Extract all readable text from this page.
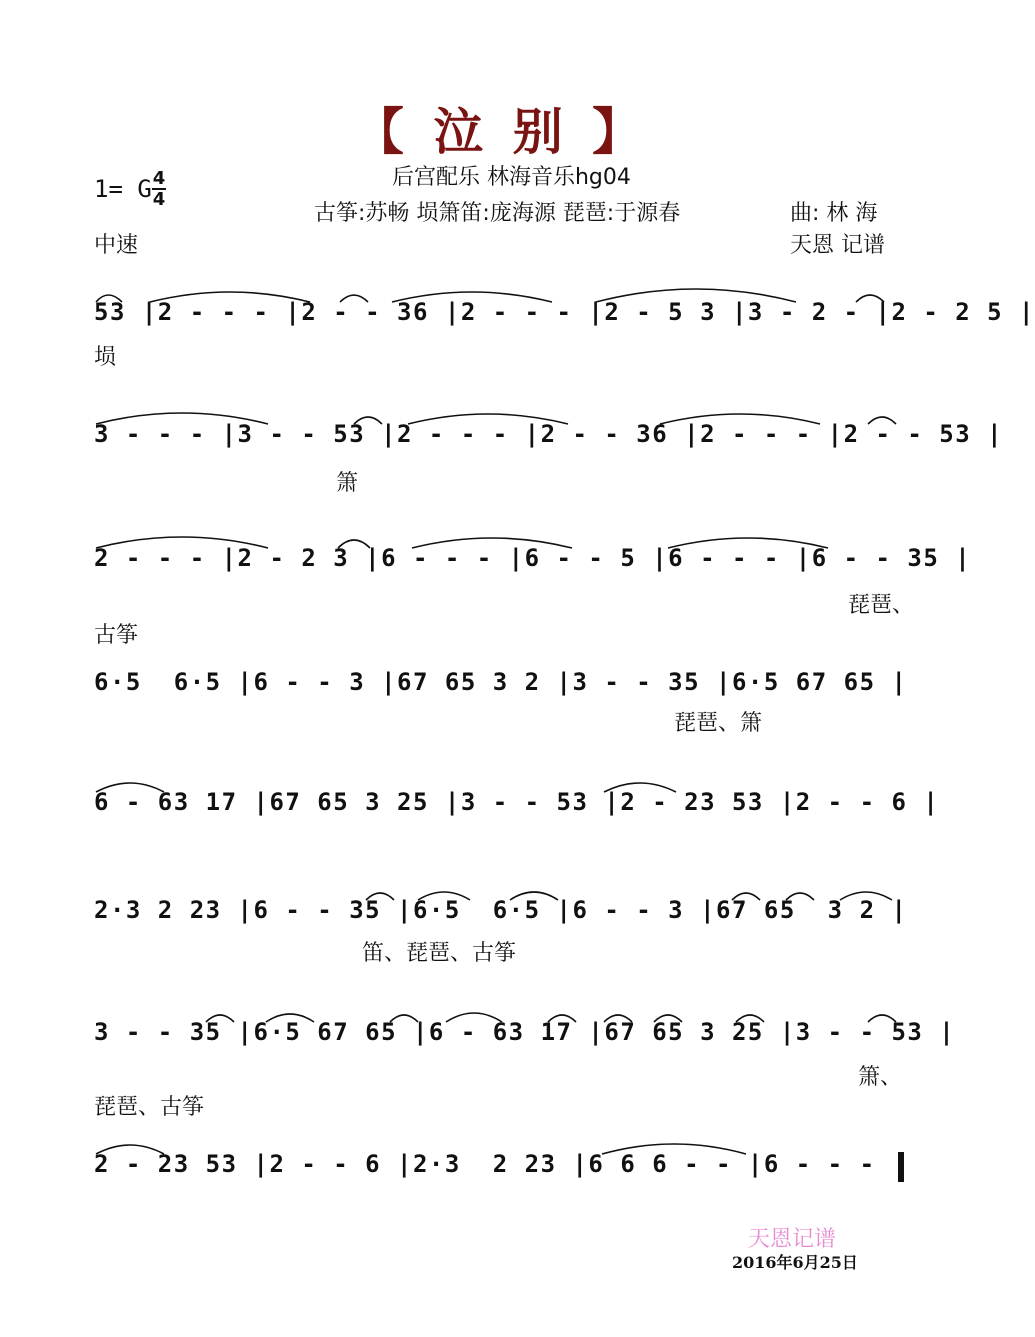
【 泣 别 】
后宫配乐 林海音乐hg04
古筝:苏畅 埙箫笛:庞海源 琵琶:于源春	曲: 林 海
天恩 记谱
1= G 4
4
中速
53 |2 - - - |2 - - 36 |2 - - - |2 - 5 3 |3 - 2 - |2 - 2 5 |
埙
3 - - - |3 - - 53 |2 - - - |2 - - 36 |2 - - - |2 - - 53 |
箫
2 - - - |2 - 2 3 |6 - - - |6 - - 5 |6 - - - |6 - - 35 |
琵琶、
古筝
6·5  6·5 |6 - - 3 |67 65 3 2 |3 - - 35 |6·5 67 65 |
琵琶、箫
6 - 63 17 |67 65 3 25 |3 - - 53 |2 - 23 53 |2 - - 6 |
2·3 2 23 |6 - - 35 |6·5  6·5 |6 - - 3 |67 65  3 2 |
笛、琵琶、古筝
3 - - 35 |6·5 67 65 |6 - 63 17 |67 65 3 25 |3 - - 53 |
箫、
琵琶、古筝
2 - 23 53 |2 - - 6 |2·3  2 23 |6 6 6 - - |6 - - -
天恩记谱
2016年6月25日
